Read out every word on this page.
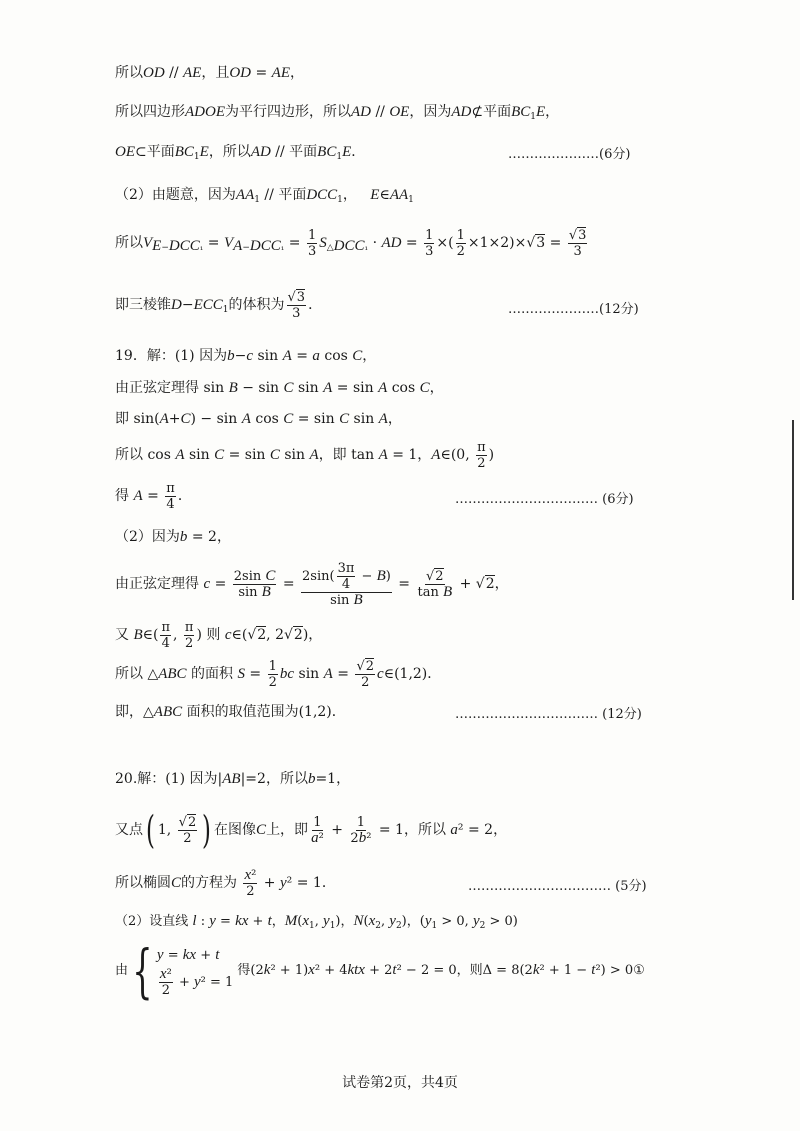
所以OD // AE，且OD = AE，
所以四边形ADOE为平行四边形，所以AD // OE，因为AD⊄平面$BC_1E$，
OE⊂平面$BC_1E$，所以AD // 平面$BC_1E$．	…………………(6分)
（2）由题意，因为$AA_1$ // 平面$DCC_1$，   $E\in AA_1$
所以$V_{E-DCC_1} = V_{A-DCC_1} = \frac{1}{3} S_{\triangle DCC_1}$ · AD = $\frac{1}{3}$ ×( $\frac{1}{2} \times 1\times 2)\times√3 = \frac{√3}{3}$
即三棱锥$D-ECC_1$的体积为 $\frac{√3}{3}$ ．	…………………(12分)
19．解：(1) 因为b−c sin A = a cos C，
由正弦定理得 sin B − sin C sin A = sin A cos C，
即 sin(A+C) − sin A cos C = sin C sin A，
所以 cos A sin C = sin C sin A，即 tan A = 1，A∈(0, $\frac{\pi}{2}$ )
得 $A = \frac{\pi}{4}$ ．	…………………………… (6分)
（2）因为b = 2，
由正弦定理得 $c = \frac{\text{2sin C}}{\text{sin B}} = \frac{2\sin( \frac{3\pi}{4} - B)}{\text{sin B}} = \frac{√2}{\text{tan B}} + √2$，
又 B∈( $\frac{\pi}{4}$ , $\frac{\pi}{2}$ ) 则 c∈(√2, 2√2)，
所以 △ABC 的面积 $S = \frac{1}{2}$ bc $\sin A = \frac{√2}{2}$ c∈(1,2)．
即，△ABC 面积的取值范围为(1,2)．	…………………………… (12分)
20.解：(1) 因为|AB|=2，所以b=1，
又点( 1, $\frac{√2}{2}$ ) 在图像C上，即 $\frac{1}{\text{a²}} + \frac{1}{\text{2b²}} = 1$，所以 a² = 2，
所以椭圆C的方程为 $\frac{\text{x²}}{2} + y^2 = 1$．	…………………………… (5分)
（2）设直线 l : y = kx + t，$M(x_1$, $y_1$)，$N(x_2$, $y_2$)，($y_1 > 0$, $y_2 > 0$)
由{ y = kx + t
$\frac{\text{x²}}{2} + y^2 = 1$
得(2k² + 1)x² + 4ktx + 2t² − 2 = 0，则Δ = 8(2k² + 1 − t²) > 0①
试卷第2页，共4页
